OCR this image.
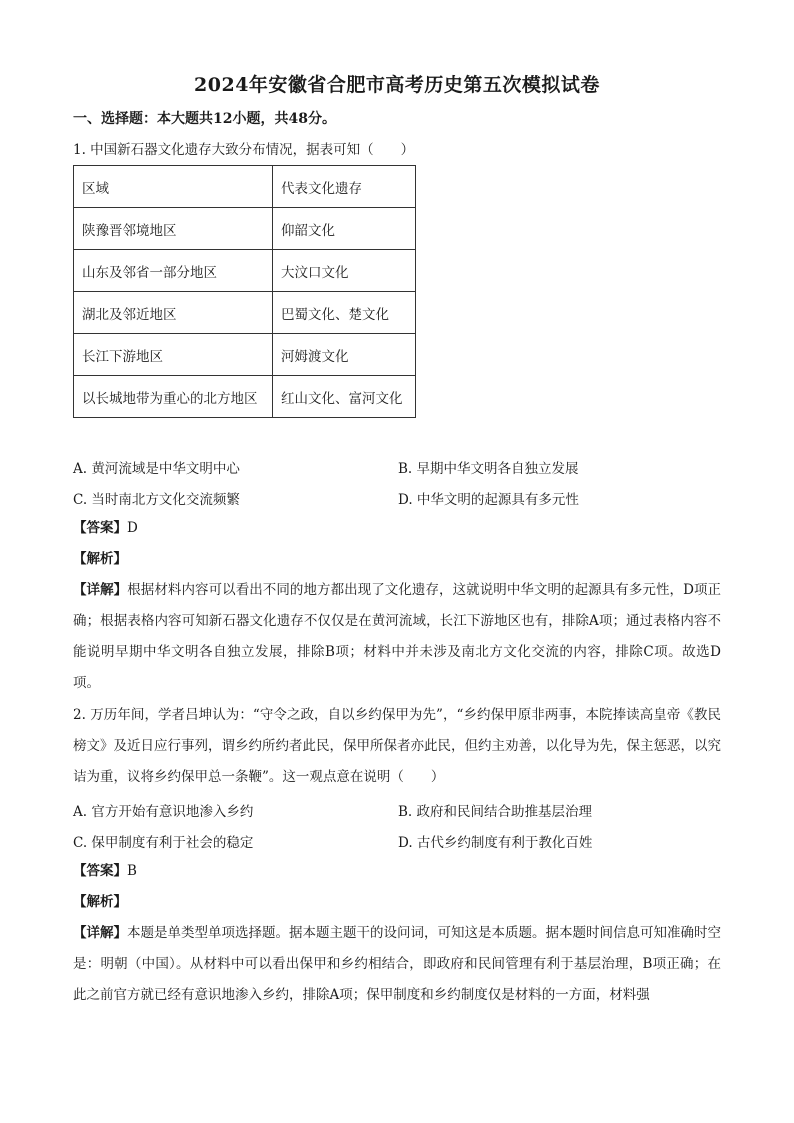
2024年安徽省合肥市高考历史第五次模拟试卷
一、选择题：本大题共12小题，共48分。
1. 中国新石器文化遗存大致分布情况，据表可知（　　）
区域	代表文化遗存
陕豫晋邻境地区	仰韶文化
山东及邻省一部分地区	大汶口文化
湖北及邻近地区	巴蜀文化、楚文化
长江下游地区	河姆渡文化
以长城地带为重心的北方地区	红山文化、富河文化
A. 黄河流域是中华文明中心	B. 早期中华文明各自独立发展
C. 当时南北方文化交流频繁	D. 中华文明的起源具有多元性
【答案】D
【解析】
【详解】根据材料内容可以看出不同的地方都出现了文化遗存，这就说明中华文明的起源具有多元性，D项正确；根据表格内容可知新石器文化遗存不仅仅是在黄河流域，长江下游地区也有，排除A项；通过表格内容不能说明早期中华文明各自独立发展，排除B项；材料中并未涉及南北方文化交流的内容，排除C项。故选D项。
2. 万历年间，学者吕坤认为：“守令之政，自以乡约保甲为先”，“乡约保甲原非两事，本院捧读高皇帝《教民榜文》及近日应行事列，谓乡约所约者此民，保甲所保者亦此民，但约主劝善，以化导为先，保主惩恶，以究诘为重，议将乡约保甲总一条鞭”。这一观点意在说明（　　）
A. 官方开始有意识地渗入乡约	B. 政府和民间结合助推基层治理
C. 保甲制度有利于社会的稳定	D. 古代乡约制度有利于教化百姓
【答案】B
【解析】
【详解】本题是单类型单项选择题。据本题主题干的设问词，可知这是本质题。据本题时间信息可知准确时空是：明朝（中国）。从材料中可以看出保甲和乡约相结合，即政府和民间管理有利于基层治理，B项正确；在此之前官方就已经有意识地渗入乡约，排除A项；保甲制度和乡约制度仅是材料的一方面，材料强
